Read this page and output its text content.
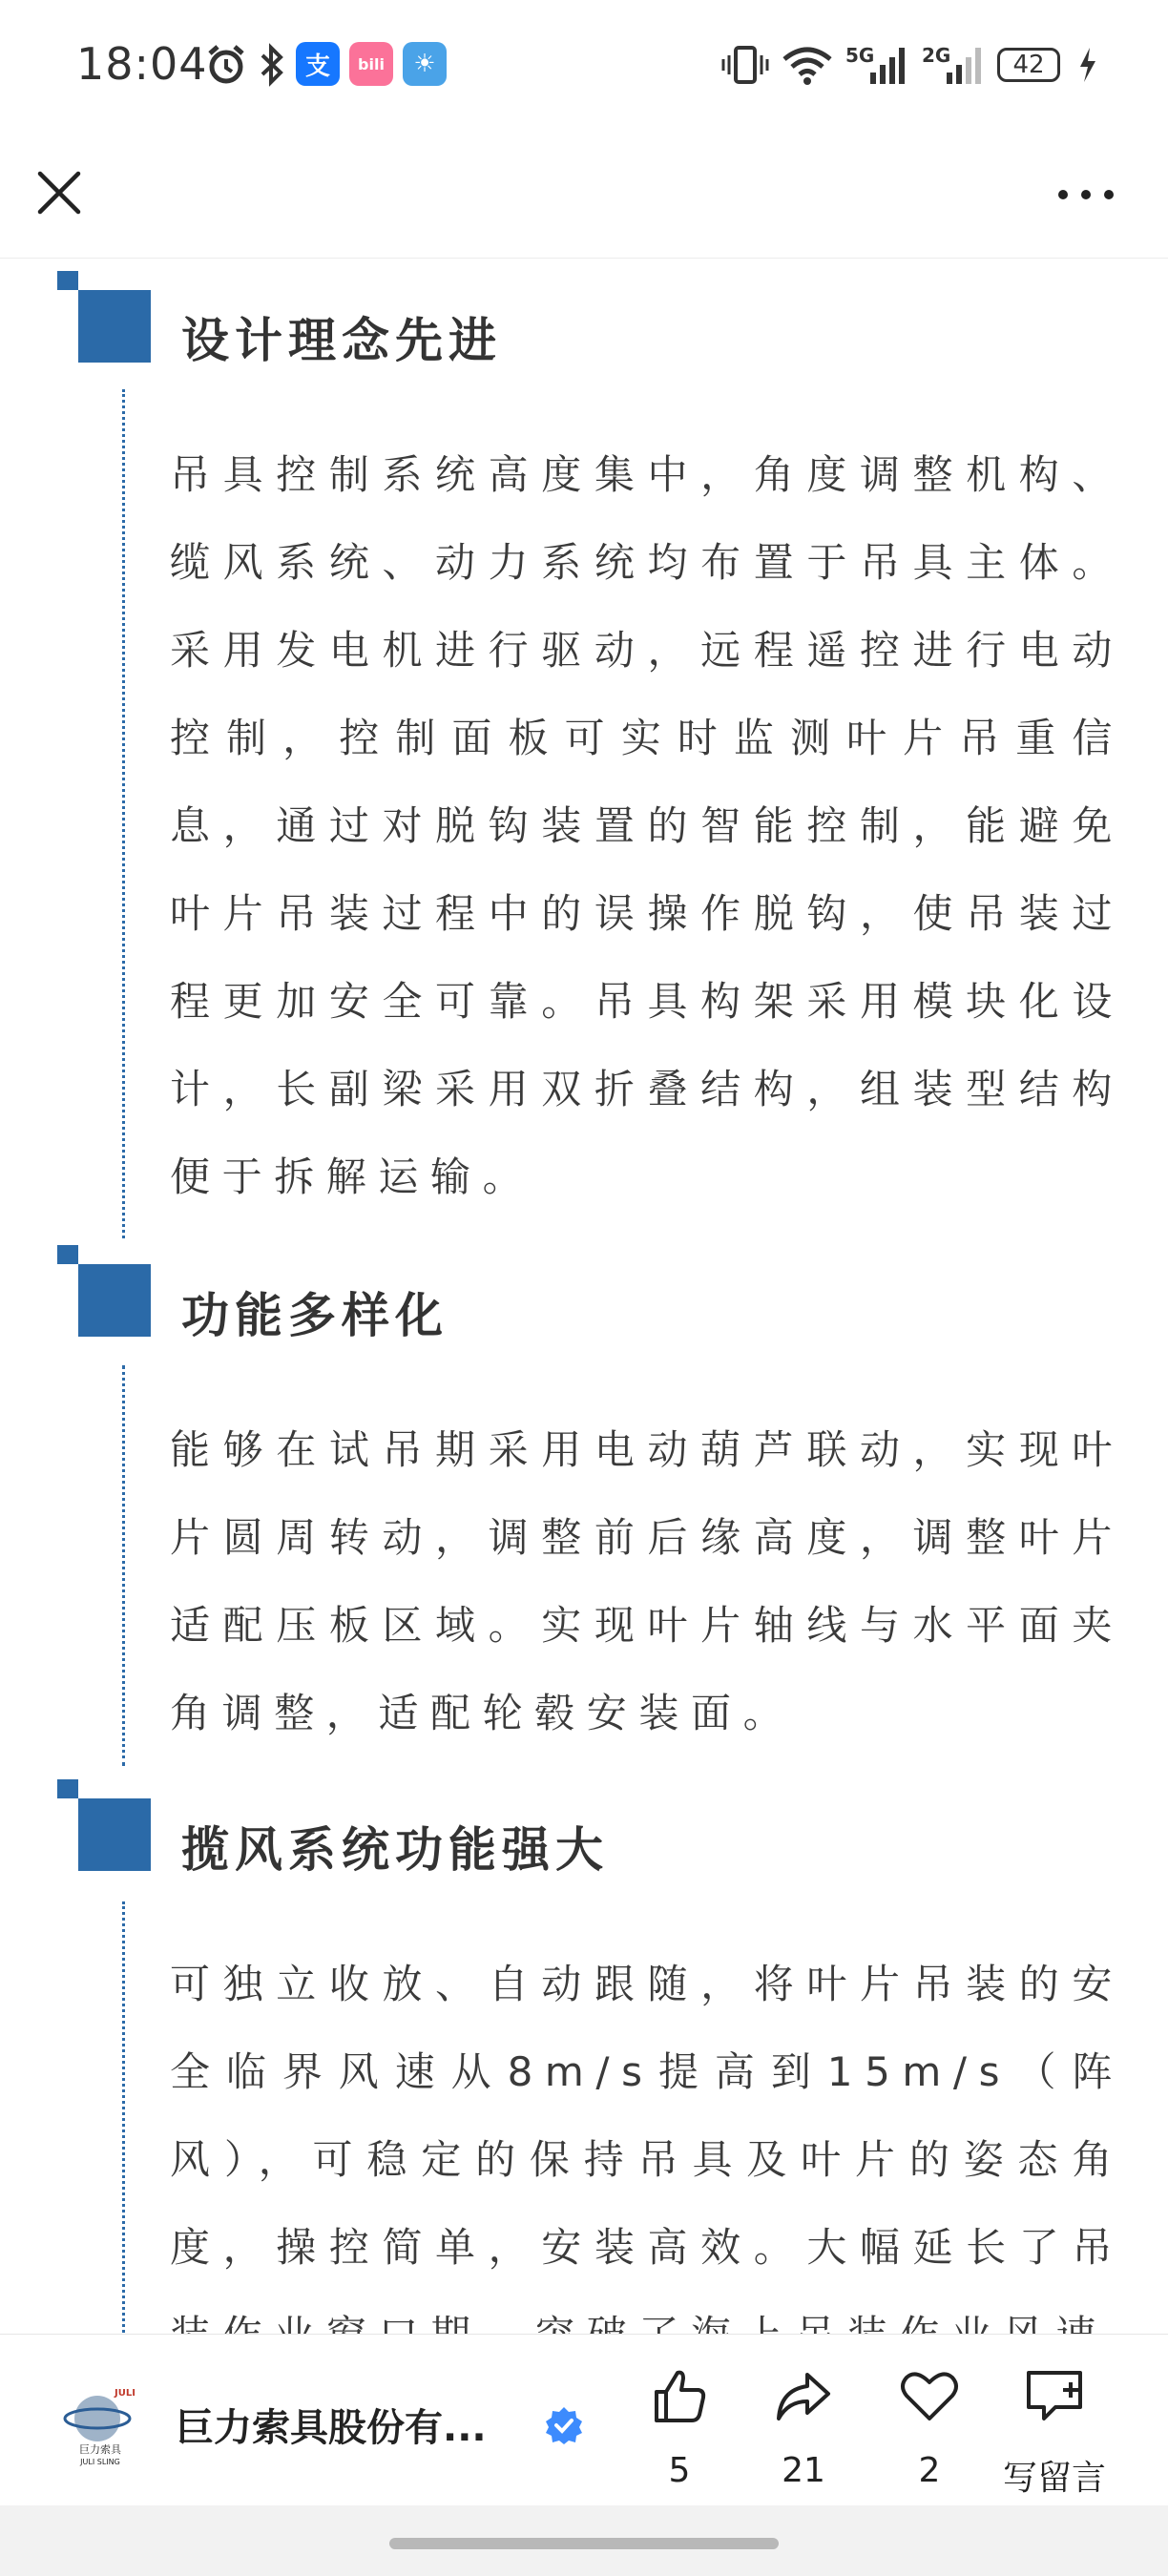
18:04	支	bili	☀	5G 2G	42
设计理念先进
吊具控制系统高度集中，角度调整机构、缆风系统、动力系统均布置于吊具主体。采用发电机进行驱动，远程遥控进行电动控制，控制面板可实时监测叶片吊重信息，通过对脱钩装置的智能控制，能避免叶片吊装过程中的误操作脱钩，使吊装过程更加安全可靠。吊具构架采用模块化设计，长副梁采用双折叠结构，组装型结构便于拆解运输。
功能多样化
能够在试吊期采用电动葫芦联动，实现叶片圆周转动，调整前后缘高度，调整叶片适配压板区域。实现叶片轴线与水平面夹角调整，适配轮毂安装面。
揽风系统功能强大
可独立收放、自动跟随，将叶片吊装的安全临界风速从8m/s提高到15m/s（阵风），可稳定的保持吊具及叶片的姿态角度，操控简单，安装高效。大幅延长了吊
JULI
巨力索具
JULI SLING
巨力索具股份有...
5	21	2	写留言
